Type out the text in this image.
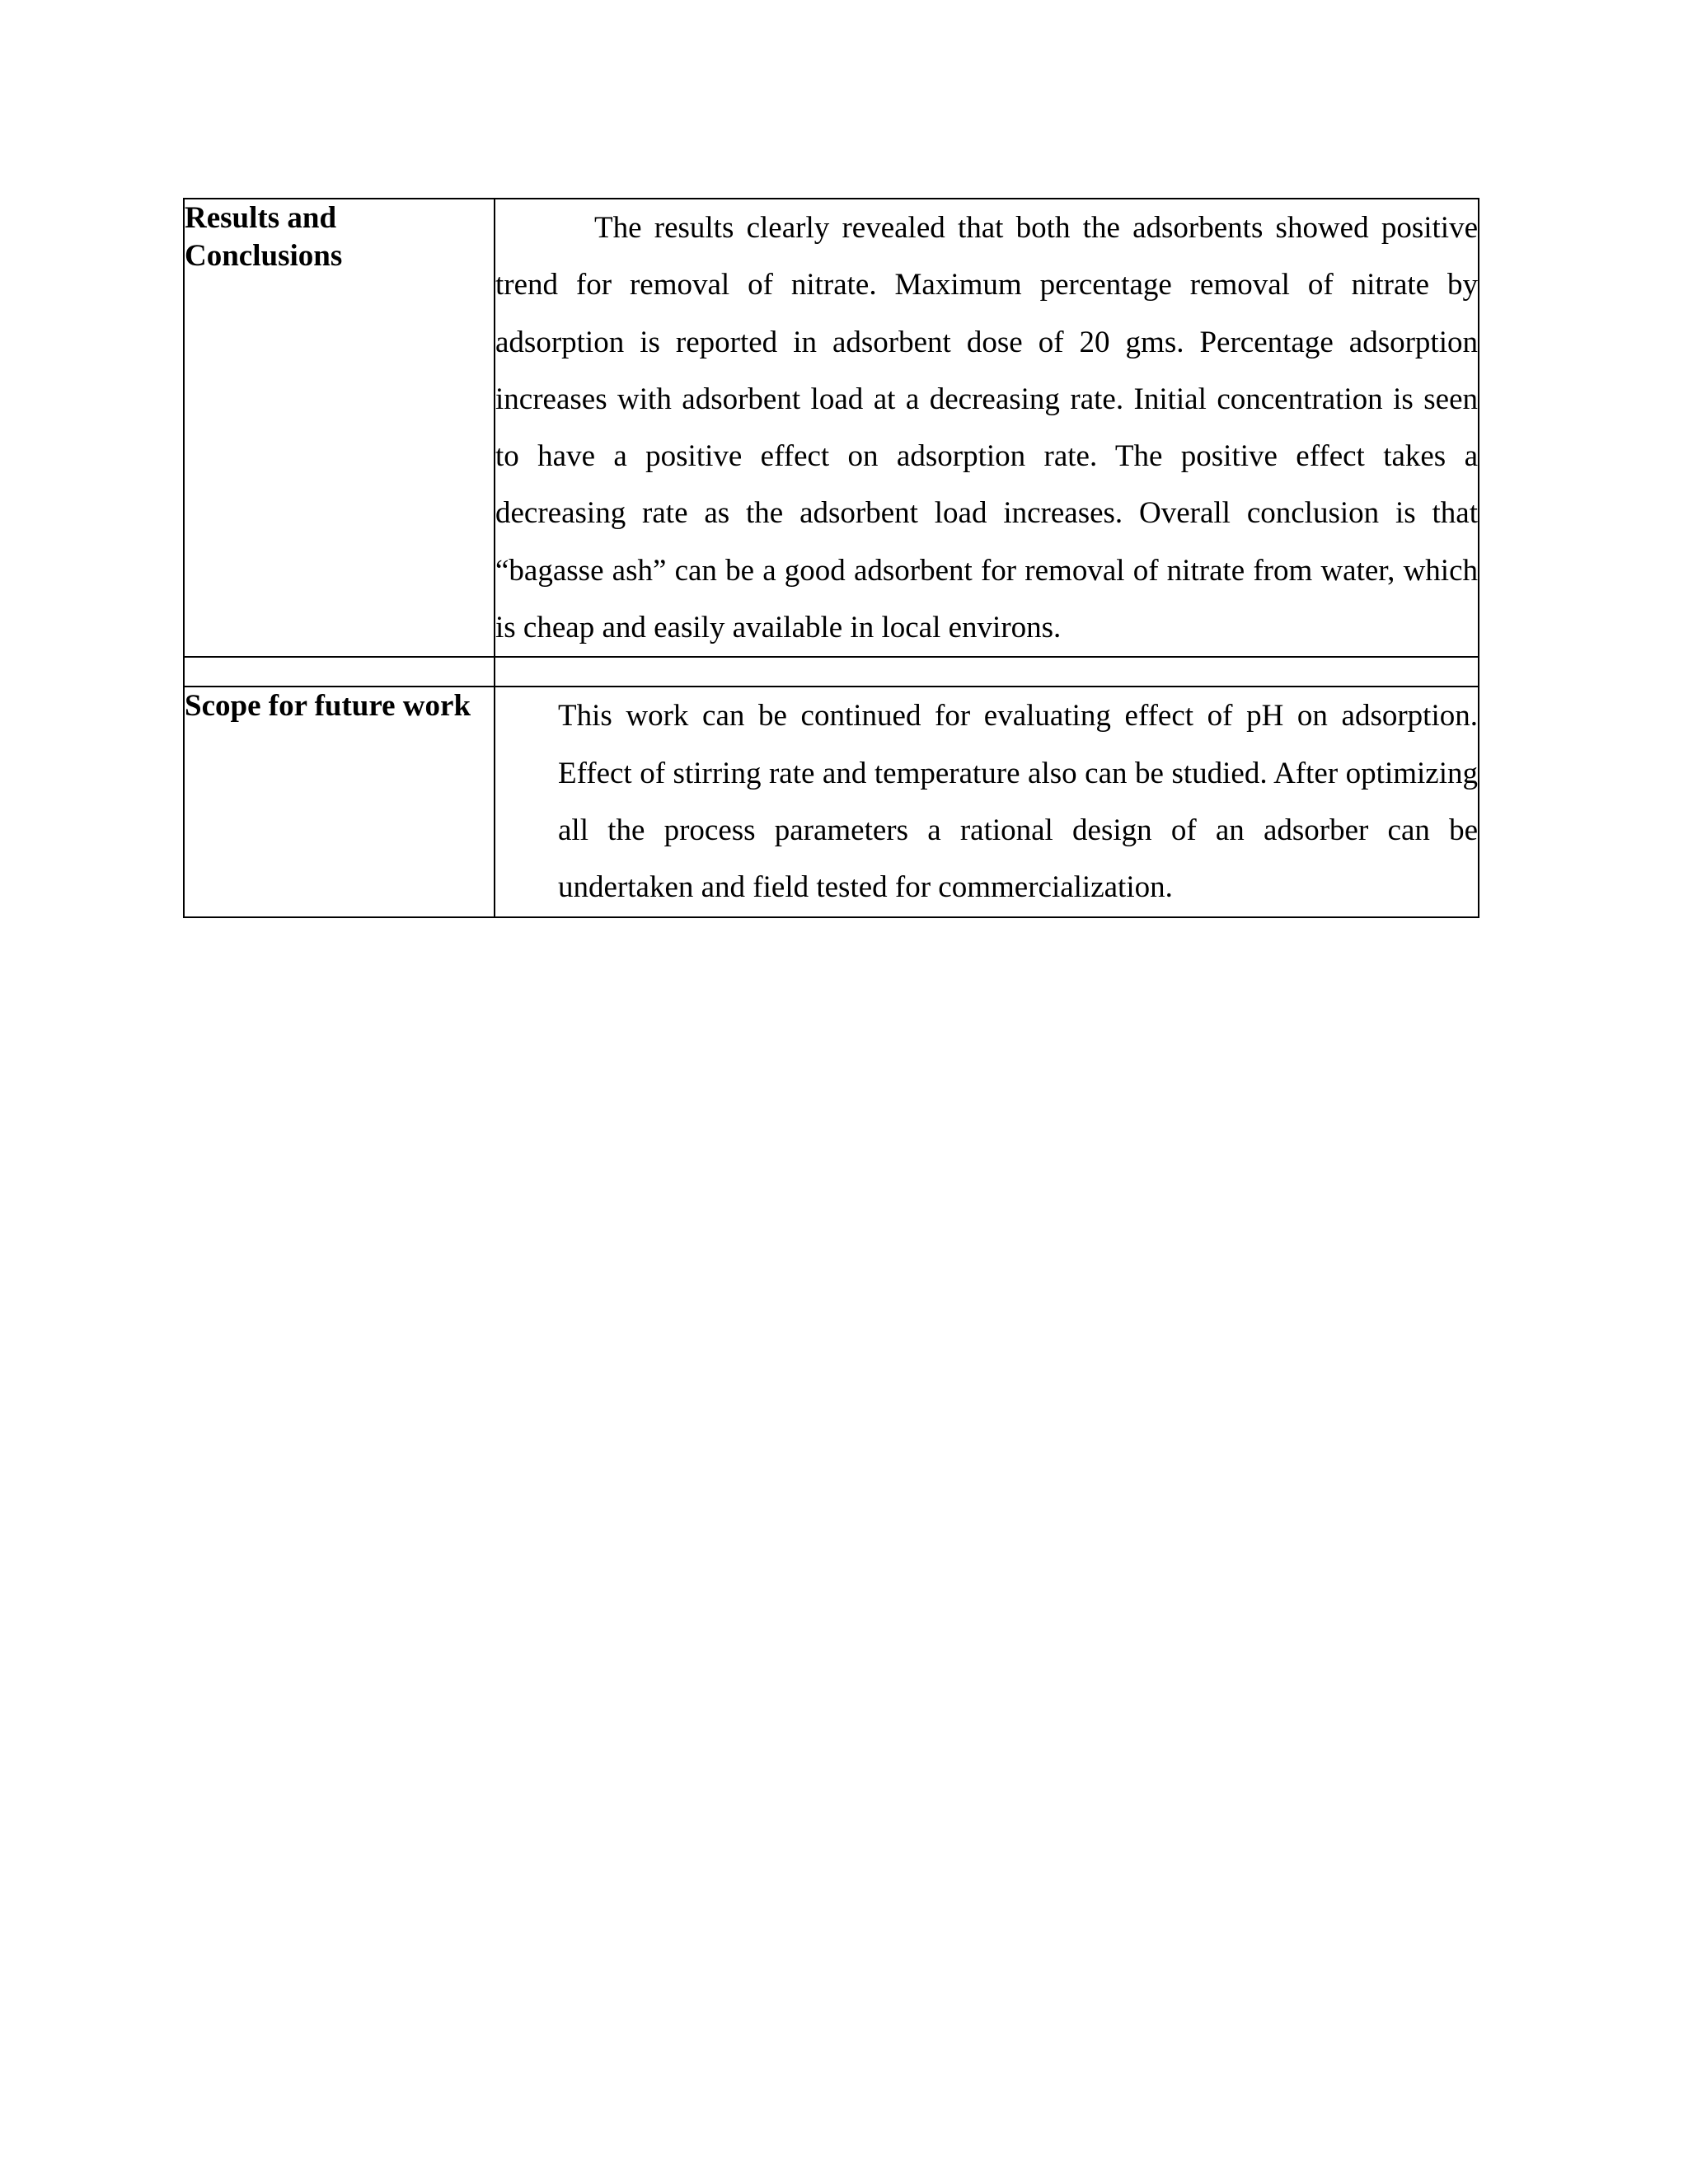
Results and Conclusions	The results clearly revealed that both the adsorbents showed positive trend for removal of nitrate. Maximum percentage removal of nitrate by adsorption is reported in adsorbent dose of 20 gms. Percentage adsorption increases with adsorbent load at a decreasing rate. Initial concentration is seen to have a positive effect on adsorption rate. The positive effect takes a decreasing rate as the adsorbent load increases. Overall conclusion is that “bagasse ash” can be a good adsorbent for removal of nitrate from water, which is cheap and easily available in local environs.

Scope for future work	This work can be continued for evaluating effect of pH on adsorption. Effect of stirring rate and temperature also can be studied. After optimizing all the process parameters a rational design of an adsorber can be undertaken and field tested for commercialization.
